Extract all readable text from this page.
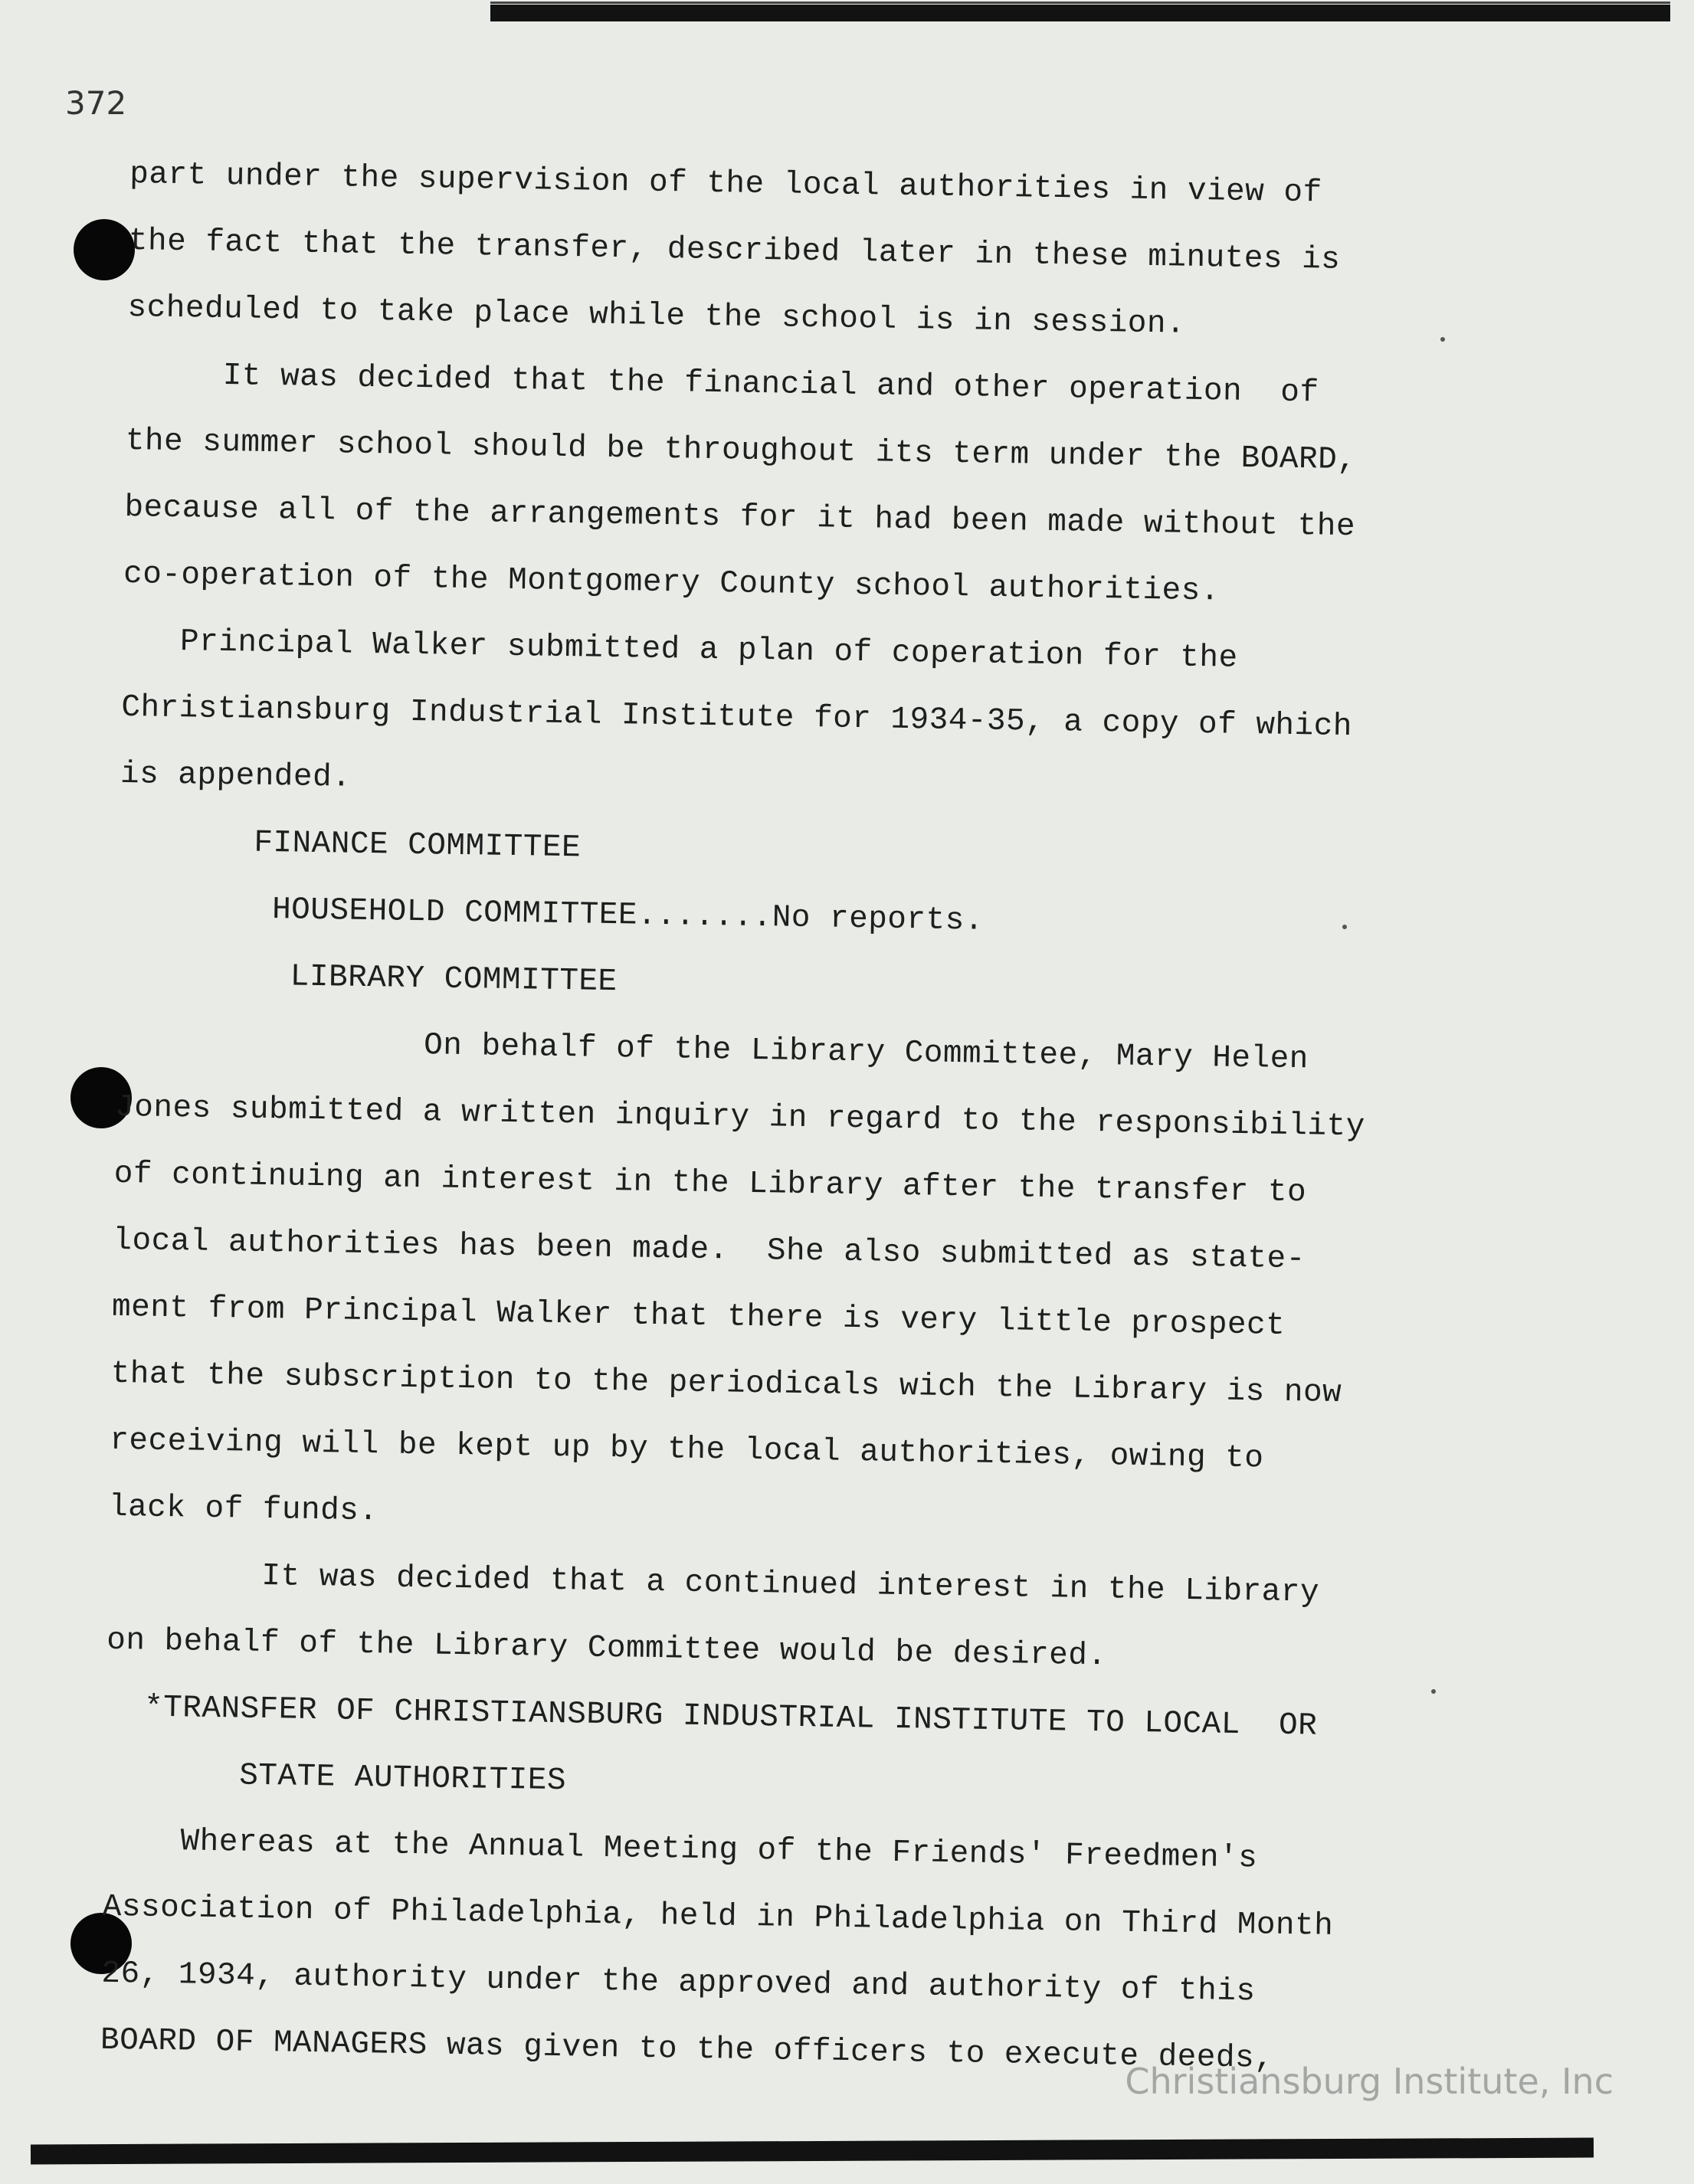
372
part under the supervision of the local authorities in view of
the fact that the transfer, described later in these minutes is
scheduled to take place while the school is in session.
It was decided that the financial and other operation  of
the summer school should be throughout its term under the BOARD,
because all of the arrangements for it had been made without the
co-operation of the Montgomery County school authorities.
Principal Walker submitted a plan of coperation for the
Christiansburg Industrial Institute for 1934-35, a copy of which
is appended.
FINANCE COMMITTEE
HOUSEHOLD COMMITTEE.......No reports.
LIBRARY COMMITTEE
On behalf of the Library Committee, Mary Helen
Jones submitted a written inquiry in regard to the responsibility
of continuing an interest in the Library after the transfer to
local authorities has been made.  She also submitted as state-
ment from Principal Walker that there is very little prospect
that the subscription to the periodicals wich the Library is now
receiving will be kept up by the local authorities, owing to
lack of funds.
It was decided that a continued interest in the Library
on behalf of the Library Committee would be desired.
*TRANSFER OF CHRISTIANSBURG INDUSTRIAL INSTITUTE TO LOCAL  OR
STATE AUTHORITIES
Whereas at the Annual Meeting of the Friends' Freedmen's
Association of Philadelphia, held in Philadelphia on Third Month
26, 1934, authority under the approved and authority of this
BOARD OF MANAGERS was given to the officers to execute deeds,
Christiansburg Institute, Inc
